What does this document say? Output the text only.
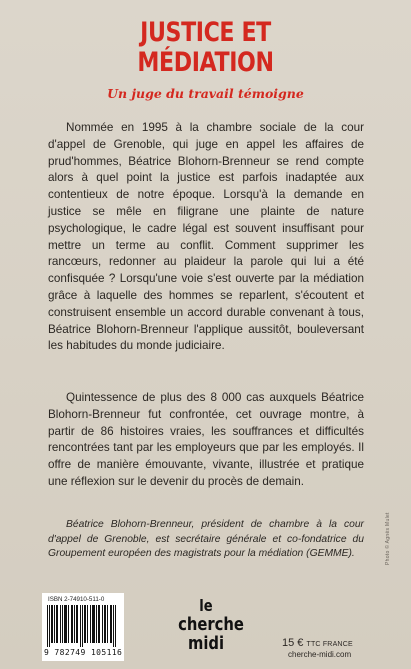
JUSTICE ET
MÉDIATION
Un juge du travail témoigne
Nommée en 1995 à la chambre sociale de la cour d'appel de Grenoble, qui juge en appel les affaires de prud'hommes, Béatrice Blohorn-Brenneur se rend compte alors à quel point la justice est parfois inadaptée aux contentieux de notre époque. Lorsqu'à la demande en justice se mêle en filigrane une plainte de nature psychologique, le cadre légal est souvent insuffisant pour mettre un terme au conflit. Comment supprimer les rancœurs, redonner au plaideur la parole qui lui a été confisquée ? Lorsqu'une voie s'est ouverte par la médiation grâce à laquelle des hommes se reparlent, s'écoutent et construisent ensemble un accord durable convenant à tous, Béatrice Blohorn-Brenneur l'applique aussitôt, bouleversant les habitudes du monde judiciaire.
Quintessence de plus des 8 000 cas auxquels Béatrice Blohorn-Brenneur fut confrontée, cet ouvrage montre, à partir de 86 histoires vraies, les souffrances et difficultés rencontrées tant par les employeurs que par les employés. Il offre de manière émouvante, vivante, illustrée et pratique une réflexion sur le devenir du procès de demain.
Béatrice Blohorn-Brenneur, président de chambre à la cour d'appel de Grenoble, est secrétaire générale et co-fondatrice du Groupement européen des magistrats pour la médiation (GEMME).	Photo © Agnès Mulet
ISBN 2-74910-511-0
9 782749 105116
le
cherche
midi	15 € TTC FRANCE
cherche-midi.com
